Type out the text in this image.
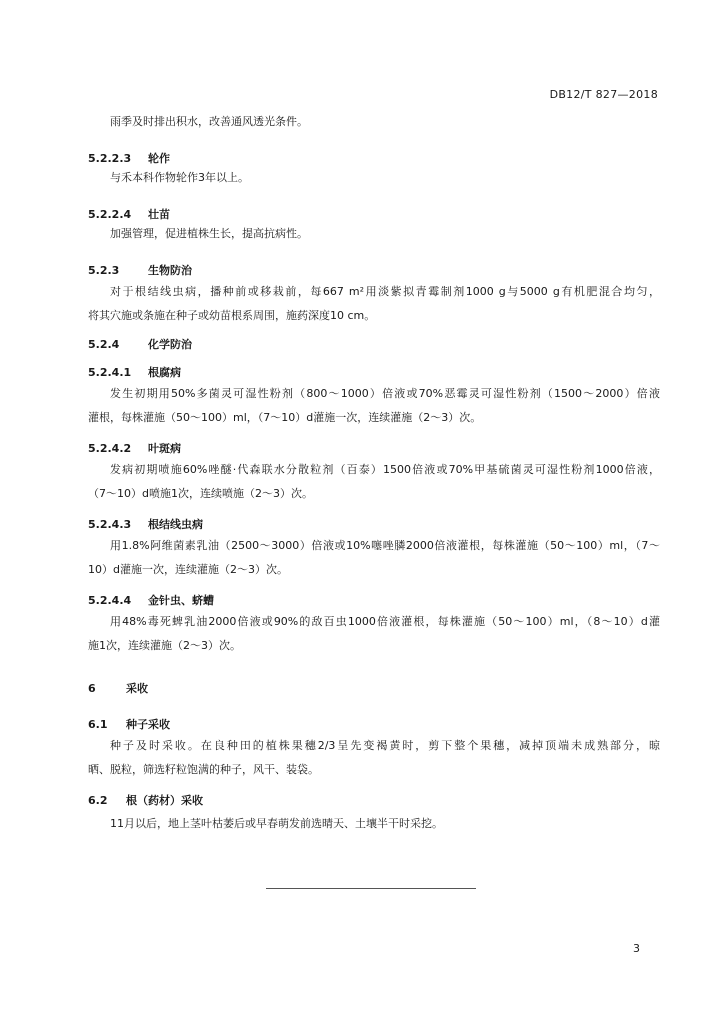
DB12/T 827—2018
雨季及时排出积水，改善通风透光条件。
5.2.2.3 轮作
与禾本科作物轮作3年以上。
5.2.2.4 壮苗
加强管理，促进植株生长，提高抗病性。
5.2.3	生物防治
对于根结线虫病，播种前或移栽前，每667 m²用淡紫拟青霉制剂1000 g与5000 g有机肥混合均匀，
将其穴施或条施在种子或幼苗根系周围，施药深度10 cm。
5.2.4	化学防治
5.2.4.1 根腐病
发生初期用50%多菌灵可湿性粉剂（800～1000）倍液或70%恶霉灵可湿性粉剂（1500～2000）倍液
灌根，每株灌施（50～100）ml，（7～10）d灌施一次，连续灌施（2～3）次。
5.2.4.2 叶斑病
发病初期喷施60%唑醚·代森联水分散粒剂（百泰）1500倍液或70%甲基硫菌灵可湿性粉剂1000倍液，
（7～10）d喷施1次，连续喷施（2～3）次。
5.2.4.3 根结线虫病
用1.8%阿维菌素乳油（2500～3000）倍液或10%噻唑膦2000倍液灌根，每株灌施（50～100）ml，（7～
10）d灌施一次，连续灌施（2～3）次。
5.2.4.4 金针虫、蛴螬
用48%毒死蜱乳油2000倍液或90%的敌百虫1000倍液灌根，每株灌施（50～100）ml，（8～10）d灌
施1次，连续灌施（2～3）次。
6	采收
6.1 种子采收
种子及时采收。在良种田的植株果穗2/3呈先变褐黄时，剪下整个果穗，减掉顶端未成熟部分，晾
晒、脱粒，筛选籽粒饱满的种子，风干、装袋。
6.2 根（药材）采收
11月以后，地上茎叶枯萎后或早春萌发前选晴天、土壤半干时采挖。
3
